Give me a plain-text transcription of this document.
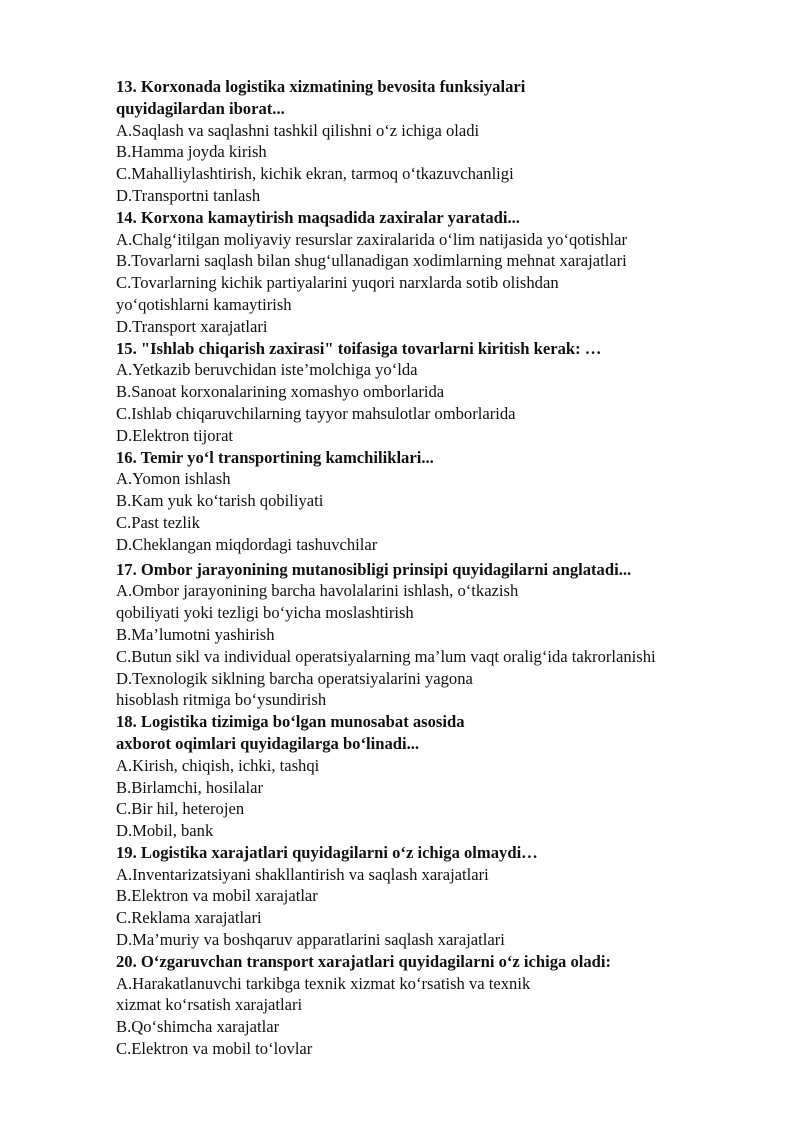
13. Korxonada logistika xizmatining bevosita funksiyalari
quyidagilardan iborat...
A.Saqlash va saqlashni tashkil qilishni o‘z ichiga oladi
B.Hamma joyda kirish
C.Mahalliylashtirish, kichik ekran, tarmoq o‘tkazuvchanligi
D.Transportni tanlash
14. Korxona kamaytirish maqsadida zaxiralar yaratadi...
A.Chalg‘itilgan moliyaviy resurslar zaxiralarida o‘lim natijasida yo‘qotishlar
B.Tovarlarni saqlash bilan shug‘ullanadigan xodimlarning mehnat xarajatlari
C.Tovarlarning kichik partiyalarini yuqori narxlarda sotib olishdan
yo‘qotishlarni kamaytirish
D.Transport xarajatlari
15. "Ishlab chiqarish zaxirasi" toifasiga tovarlarni kiritish kerak: …
A.Yetkazib beruvchidan iste’molchiga yo‘lda
B.Sanoat korxonalarining xomashyo omborlarida
C.Ishlab chiqaruvchilarning tayyor mahsulotlar omborlarida
D.Elektron tijorat
16. Temir yo‘l transportining kamchiliklari...
A.Yomon ishlash
B.Kam yuk ko‘tarish qobiliyati
C.Past tezlik
D.Cheklangan miqdordagi tashuvchilar
17. Ombor jarayonining mutanosibligi prinsipi quyidagilarni anglatadi...
A.Ombor jarayonining barcha havolalarini ishlash, o‘tkazish
qobiliyati yoki tezligi bo‘yicha moslashtirish
B.Ma’lumotni yashirish
C.Butun sikl va individual operatsiyalarning ma’lum vaqt oralig‘ida takrorlanishi
D.Texnologik siklning barcha operatsiyalarini yagona
hisoblash ritmiga bo‘ysundirish
18. Logistika tizimiga bo‘lgan munosabat asosida
axborot oqimlari quyidagilarga bo‘linadi...
A.Kirish, chiqish, ichki, tashqi
B.Birlamchi, hosilalar
C.Bir hil, heterojen
D.Mobil, bank
19. Logistika xarajatlari quyidagilarni o‘z ichiga olmaydi…
A.Inventarizatsiyani shakllantirish va saqlash xarajatlari
B.Elektron va mobil xarajatlar
C.Reklama xarajatlari
D.Ma’muriy va boshqaruv apparatlarini saqlash xarajatlari
20. O‘zgaruvchan transport xarajatlari quyidagilarni o‘z ichiga oladi:
A.Harakatlanuvchi tarkibga texnik xizmat ko‘rsatish va texnik
xizmat ko‘rsatish xarajatlari
B.Qo‘shimcha xarajatlar
C.Elektron va mobil to‘lovlar
